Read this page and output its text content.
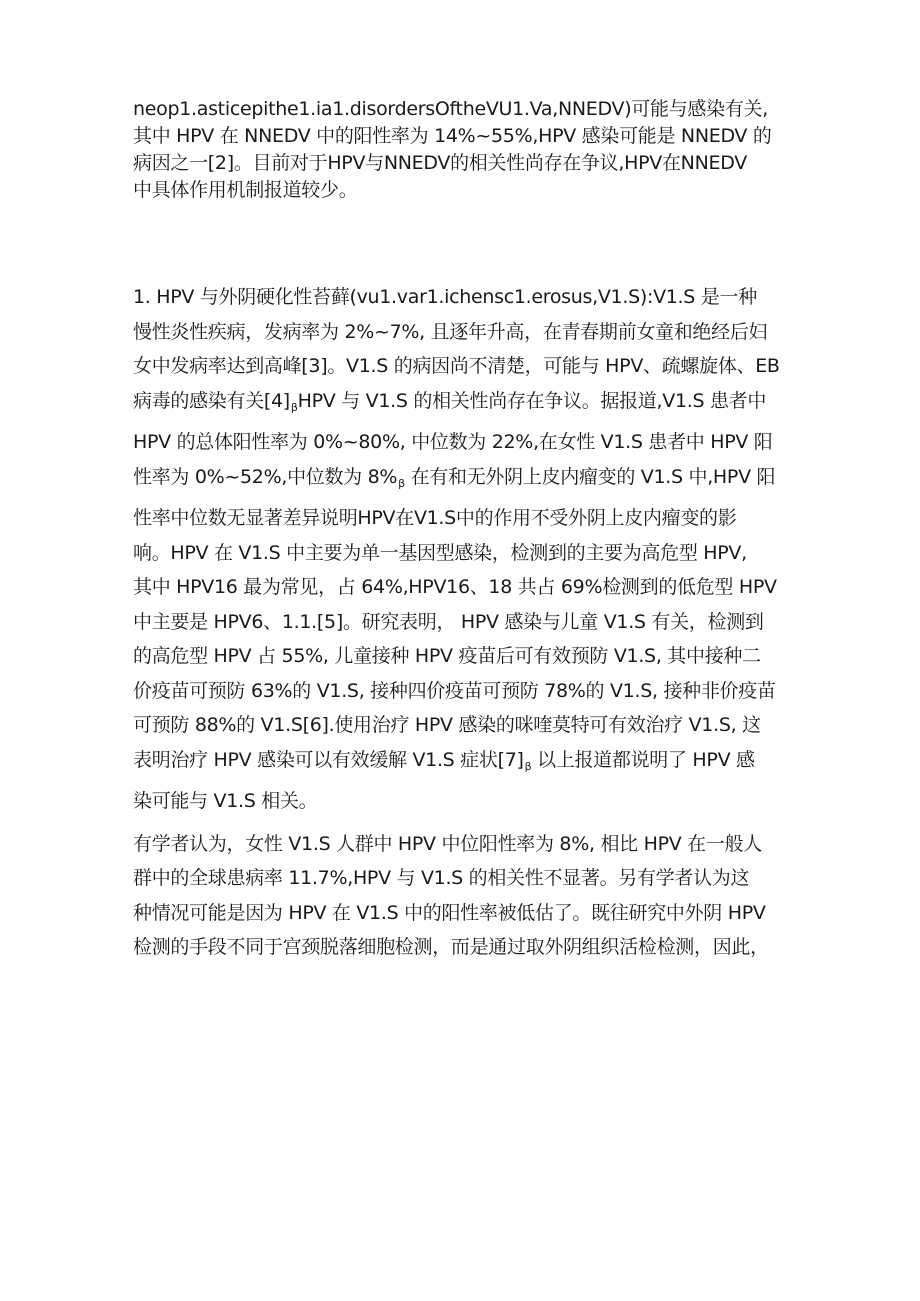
neop1.asticepithe1.ia1.disordersOftheVU1.Va,NNEDV)可能与感染有关,

其中 HPV 在 NNEDV 中的阳性率为 14%~55%,HPV 感染可能是 NNEDV 的

病因之一[2]。目前对于HPV与NNEDV的相关性尚存在争议,HPV在NNEDV

中具体作用机制报道较少。

1. HPV 与外阴硬化性苔藓(vu1.var1.ichensc1.erosus,V1.S):V1.S 是一种

慢性炎性疾病，发病率为 2%~7%, 且逐年升高，在青春期前女童和绝经后妇

女中发病率达到高峰[3]。V1.S 的病因尚不清楚，可能与 HPV、疏螺旋体、EB

病毒的感染有关$[4]_\beta HPV$ 与 V1.S 的相关性尚存在争议。据报道,V1.S 患者中

HPV 的总体阳性率为 0%~80%, 中位数为 22%,在女性 V1.S 患者中 HPV 阳

性率为 0%~52%,中位数为 $8\%_\beta$ 在有和无外阴上皮内瘤变的 V1.S 中,HPV 阳

性率中位数无显著差异说明HPV在V1.S中的作用不受外阴上皮内瘤变的影

响。HPV 在 V1.S 中主要为单一基因型感染，检测到的主要为高危型 HPV,

其中 HPV16 最为常见，占 64%,HPV16、18 共占 69%检测到的低危型 HPV

中主要是 HPV6、1.1.[5]。研究表明， HPV 感染与儿童 V1.S 有关，检测到

的高危型 HPV 占 55%, 儿童接种 HPV 疫苗后可有效预防 V1.S, 其中接种二

价疫苗可预防 63%的 V1.S, 接种四价疫苗可预防 78%的 V1.S, 接种非价疫苗

可预防 88%的 V1.S[6].使用治疗 HPV 感染的咪喹莫特可有效治疗 V1.S, 这

表明治疗 HPV 感染可以有效缓解 V1.S 症状$[7]_\beta$ 以上报道都说明了 HPV 感

染可能与 V1.S 相关。

有学者认为，女性 V1.S 人群中 HPV 中位阳性率为 8%, 相比 HPV 在一般人

群中的全球患病率 11.7%,HPV 与 V1.S 的相关性不显著。另有学者认为这

种情况可能是因为 HPV 在 V1.S 中的阳性率被低估了。既往研究中外阴 HPV

检测的手段不同于宫颈脱落细胞检测，而是通过取外阴组织活检检测，因此，
